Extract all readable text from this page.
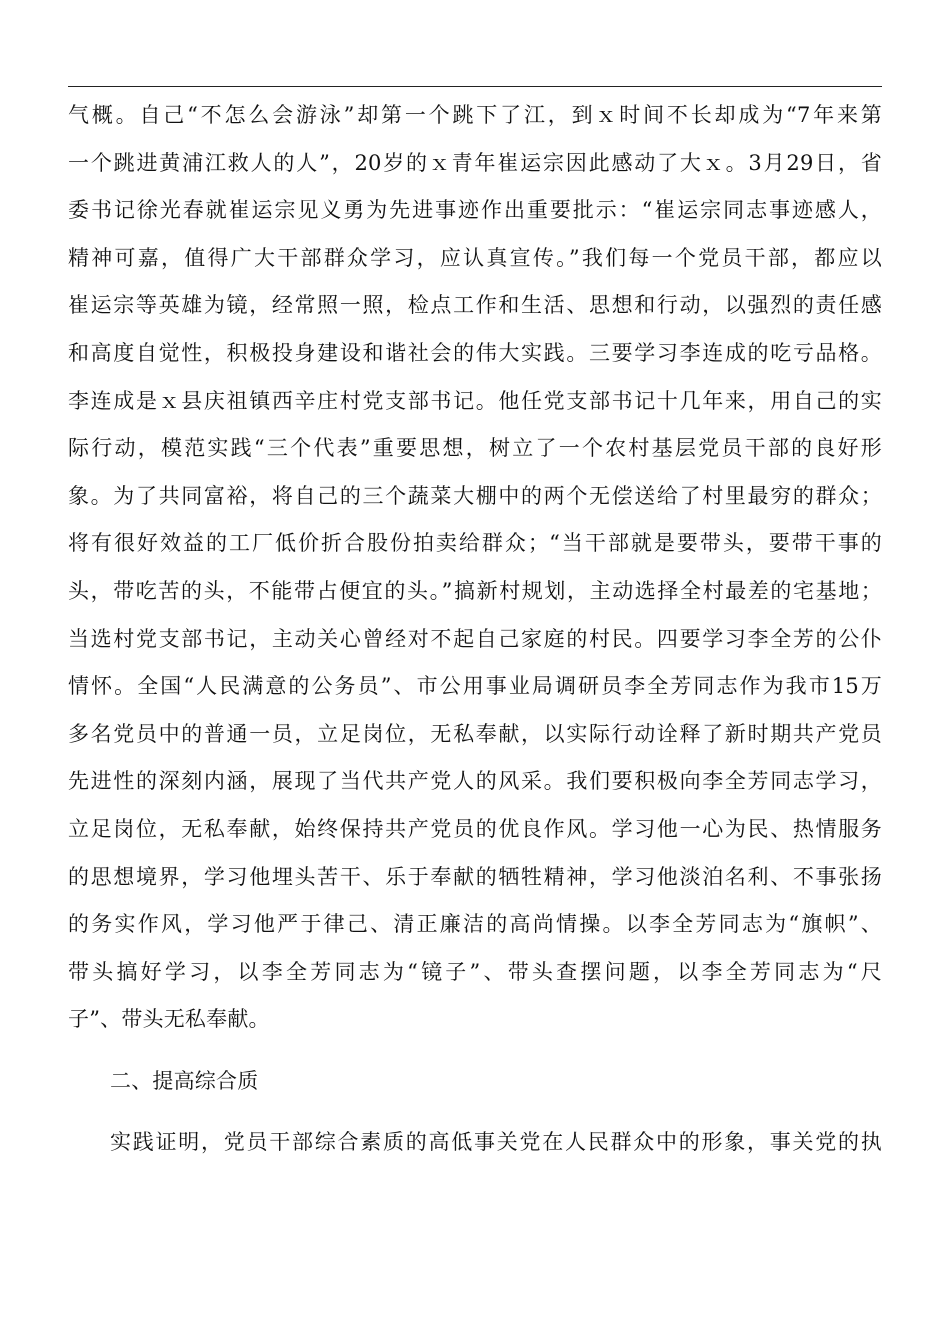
气概。自己“不怎么会游泳”却第一个跳下了江，到ｘ时间不长却成为“7年来第
一个跳进黄浦江救人的人”，20岁的ｘ青年崔运宗因此感动了大ｘ。3月29日，省
委书记徐光春就崔运宗见义勇为先进事迹作出重要批示：“崔运宗同志事迹感人，
精神可嘉，值得广大干部群众学习，应认真宣传。”我们每一个党员干部，都应以
崔运宗等英雄为镜，经常照一照，检点工作和生活、思想和行动，以强烈的责任感
和高度自觉性，积极投身建设和谐社会的伟大实践。三要学习李连成的吃亏品格。
李连成是ｘ县庆祖镇西辛庄村党支部书记。他任党支部书记十几年来，用自己的实
际行动，模范实践“三个代表”重要思想，树立了一个农村基层党员干部的良好形
象。为了共同富裕，将自己的三个蔬菜大棚中的两个无偿送给了村里最穷的群众；
将有很好效益的工厂低价折合股份拍卖给群众；“当干部就是要带头，要带干事的
头，带吃苦的头，不能带占便宜的头。”搞新村规划，主动选择全村最差的宅基地；
当选村党支部书记，主动关心曾经对不起自己家庭的村民。四要学习李全芳的公仆
情怀。全国“人民满意的公务员”、市公用事业局调研员李全芳同志作为我市15万
多名党员中的普通一员，立足岗位，无私奉献，以实际行动诠释了新时期共产党员
先进性的深刻内涵，展现了当代共产党人的风采。我们要积极向李全芳同志学习，
立足岗位，无私奉献，始终保持共产党员的优良作风。学习他一心为民、热情服务
的思想境界，学习他埋头苦干、乐于奉献的牺牲精神，学习他淡泊名利、不事张扬
的务实作风，学习他严于律己、清正廉洁的高尚情操。以李全芳同志为“旗帜”、
带头搞好学习，以李全芳同志为“镜子”、带头查摆问题，以李全芳同志为“尺
子”、带头无私奉献。
二、提高综合质
实践证明，党员干部综合素质的高低事关党在人民群众中的形象，事关党的执
